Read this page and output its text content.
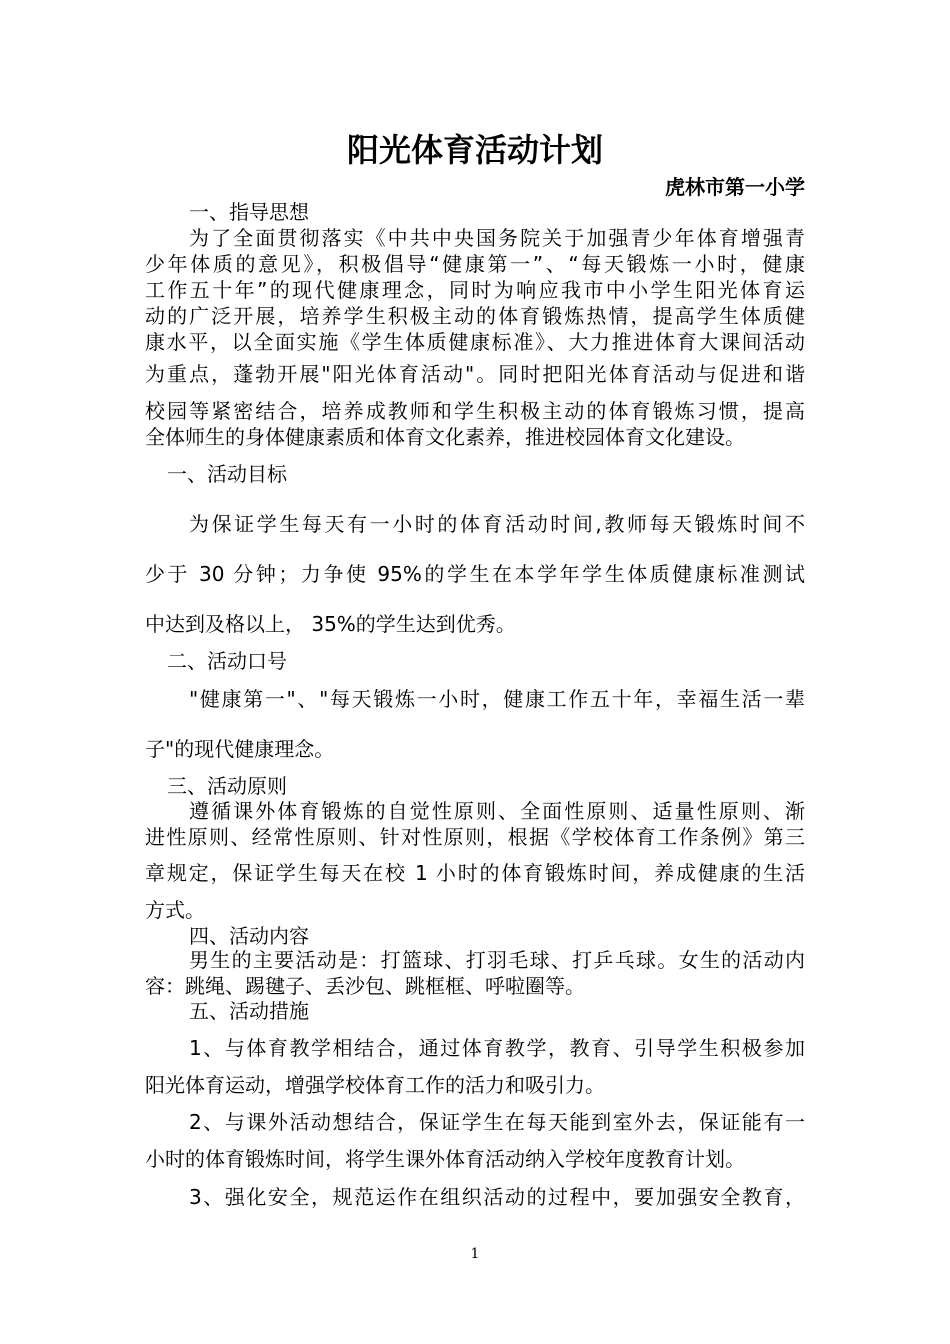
阳光体育活动计划
虎林市第一小学
一、指导思想
为了全面贯彻落实《中共中央国务院关于加强青少年体育增强青
少年体质的意见》，积极倡导“健康第一”、“每天锻炼一小时，健康
工作五十年”的现代健康理念，同时为响应我市中小学生阳光体育运
动的广泛开展，培养学生积极主动的体育锻炼热情，提高学生体质健
康水平，以全面实施《学生体质健康标准》、大力推进体育大课间活动
为重点，蓬勃开展"阳光体育活动"。同时把阳光体育活动与促进和谐
校园等紧密结合，培养成教师和学生积极主动的体育锻炼习惯，提高
全体师生的身体健康素质和体育文化素养，推进校园体育文化建设。
一、活动目标
为保证学生每天有一小时的体育活动时间,教师每天锻炼时间不
少于 30 分钟；力争使 95%的学生在本学年学生体质健康标准测试
中达到及格以上， 35%的学生达到优秀。
二、活动口号
"健康第一"、"每天锻炼一小时，健康工作五十年，幸福生活一辈
子"的现代健康理念。
三、活动原则
遵循课外体育锻炼的自觉性原则、全面性原则、适量性原则、渐
进性原则、经常性原则、针对性原则，根据《学校体育工作条例》第三
章规定，保证学生每天在校 1 小时的体育锻炼时间，养成健康的生活
方式。
四、活动内容
男生的主要活动是：打篮球、打羽毛球、打乒乓球。女生的活动内
容：跳绳、踢毽子、丢沙包、跳框框、呼啦圈等。
五、活动措施
1、与体育教学相结合，通过体育教学，教育、引导学生积极参加
阳光体育运动，增强学校体育工作的活力和吸引力。
2、与课外活动想结合，保证学生在每天能到室外去，保证能有一
小时的体育锻炼时间，将学生课外体育活动纳入学校年度教育计划。
3、强化安全，规范运作在组织活动的过程中，要加强安全教育，
1
